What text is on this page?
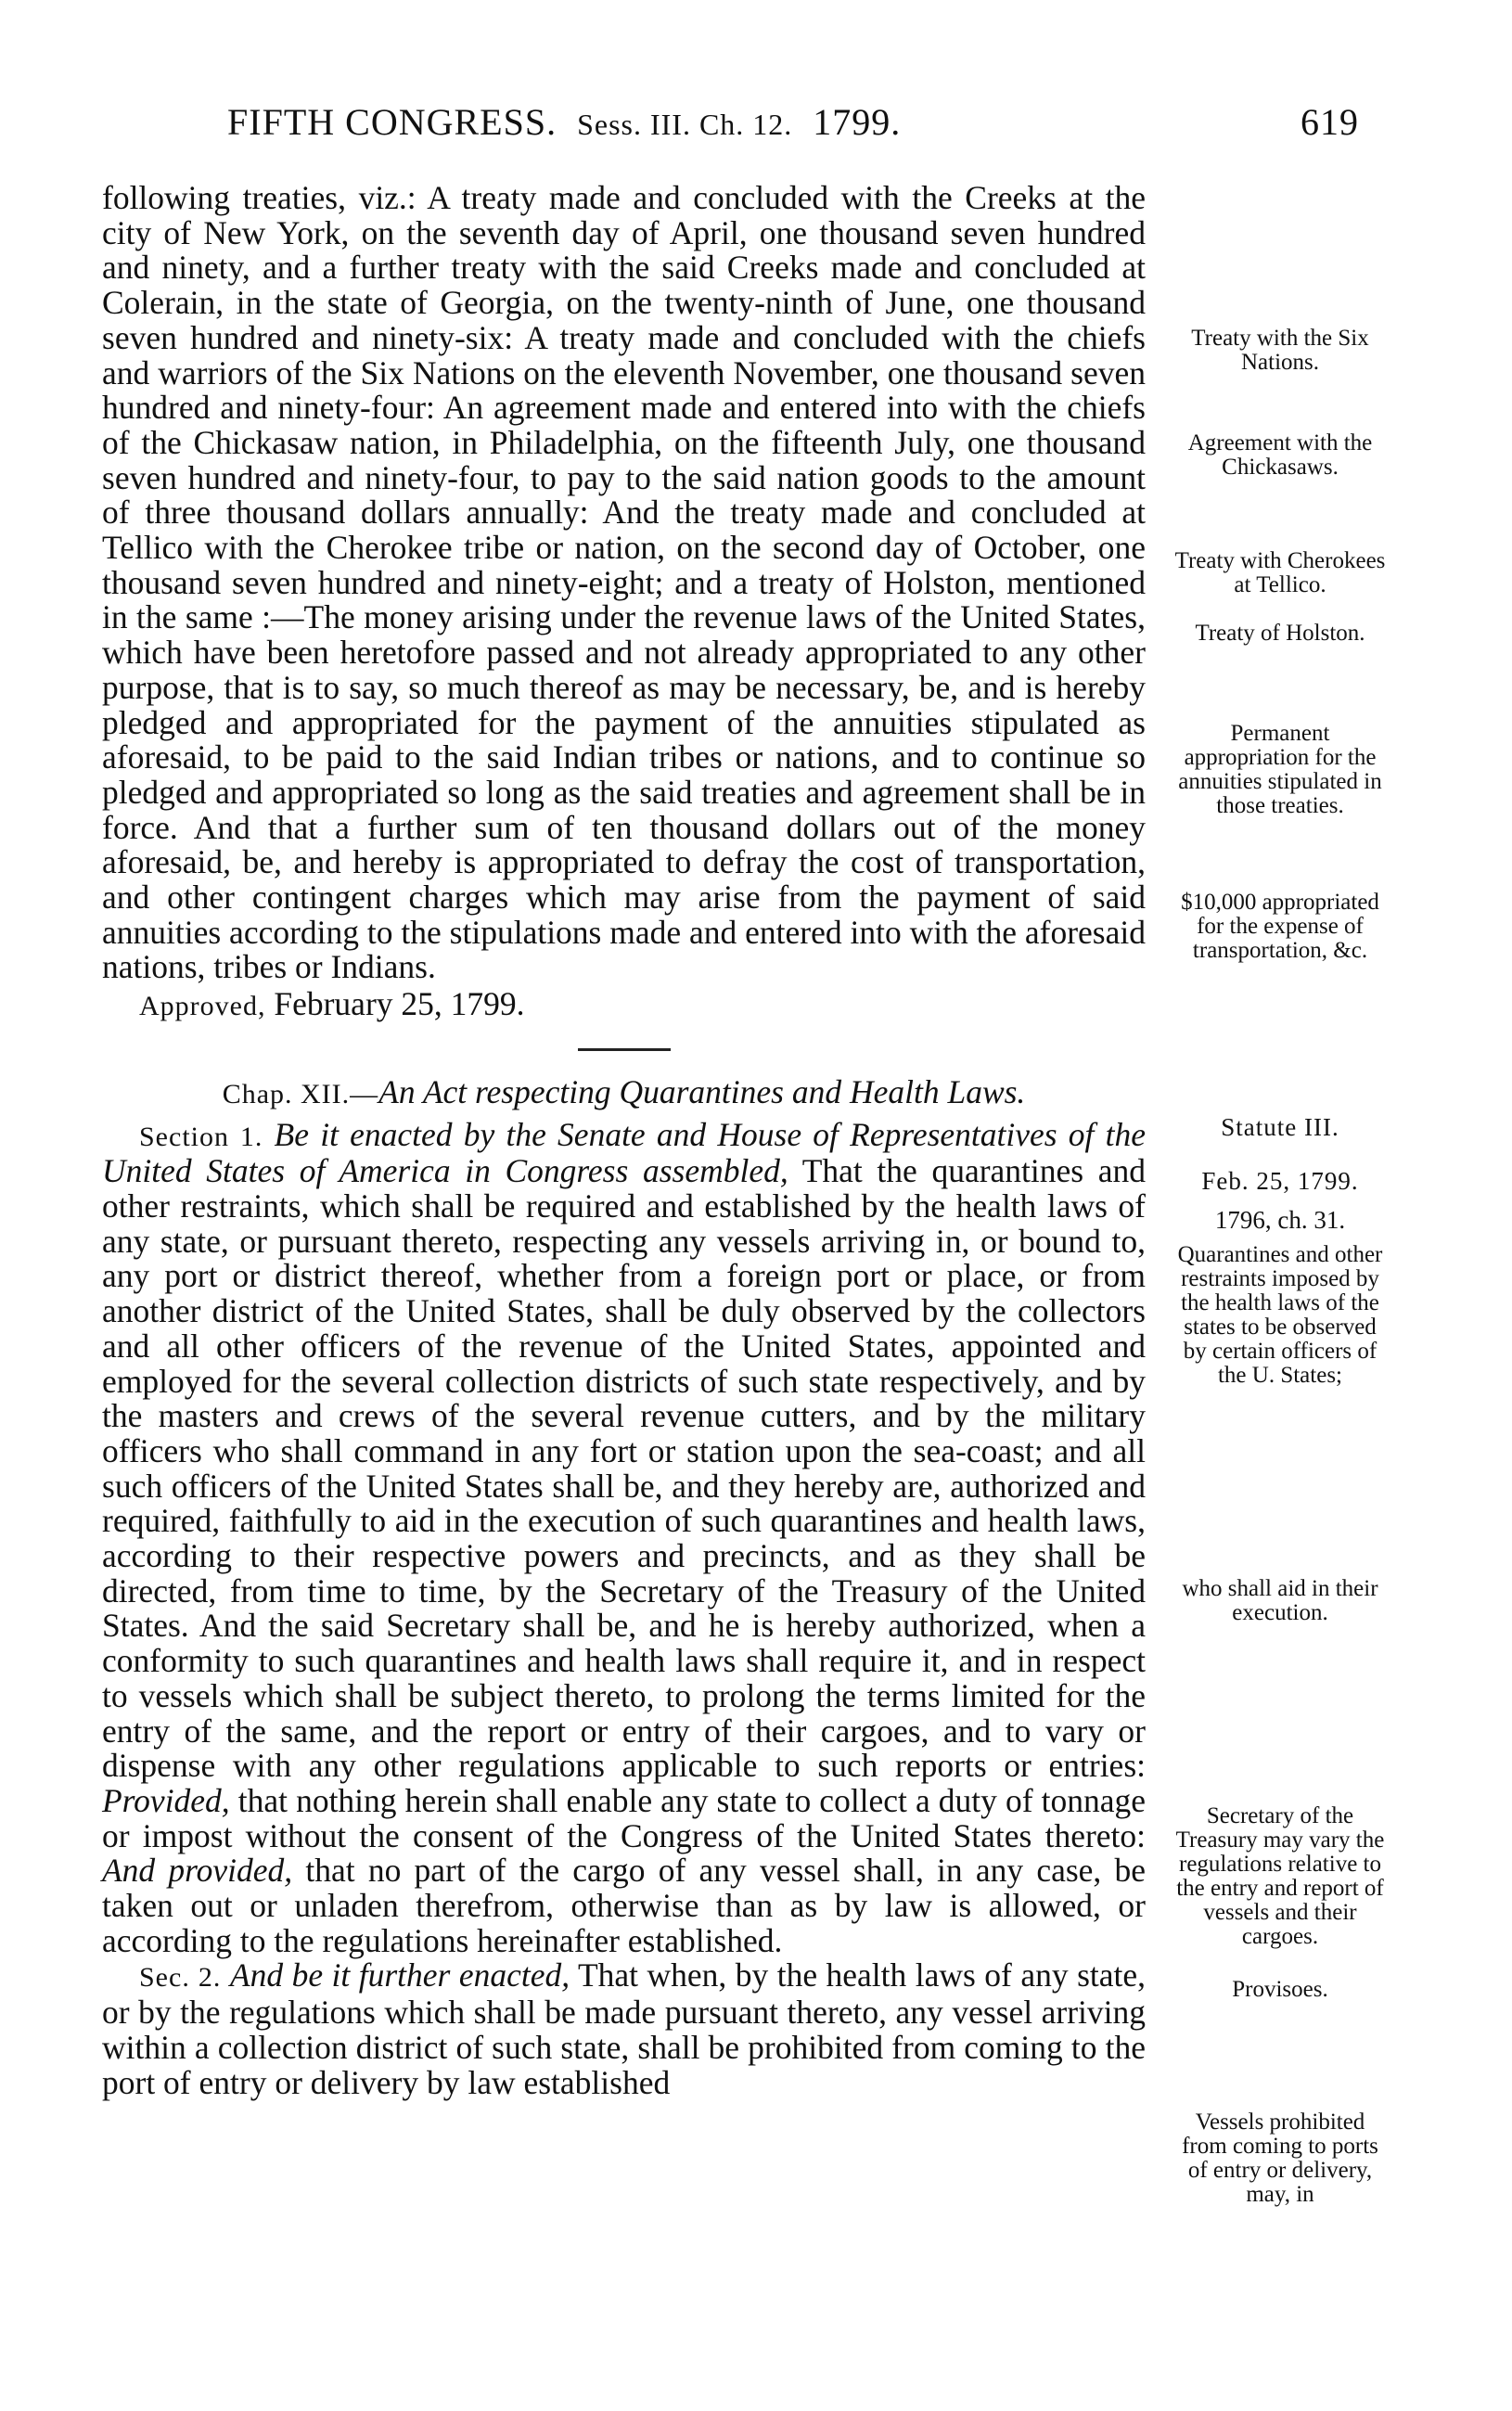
FIFTH CONGRESS. Sess. III. Ch. 12. 1799.	619

following treaties, viz.: A treaty made and concluded with the Creeks at the city of New York, on the seventh day of April, one thousand seven hundred and ninety, and a further treaty with the said Creeks made and concluded at Colerain, in the state of Georgia, on the twenty-ninth of June, one thousand seven hundred and ninety-six: A treaty made and concluded with the chiefs and warriors of the Six Nations on the eleventh November, one thousand seven hundred and ninety-four: An agreement made and entered into with the chiefs of the Chickasaw nation, in Philadelphia, on the fifteenth July, one thousand seven hundred and ninety-four, to pay to the said nation goods to the amount of three thousand dollars annually: And the treaty made and concluded at Tellico with the Cherokee tribe or nation, on the second day of October, one thousand seven hundred and ninety-eight; and a treaty of Holston, mentioned in the same :—The money arising under the revenue laws of the United States, which have been heretofore passed and not already appropriated to any other purpose, that is to say, so much thereof as may be necessary, be, and is hereby pledged and appropriated for the payment of the annuities stipulated as aforesaid, to be paid to the said Indian tribes or nations, and to continue so pledged and appropriated so long as the said treaties and agreement shall be in force. And that a further sum of ten thousand dollars out of the money aforesaid, be, and hereby is appropriated to defray the cost of transportation, and other contingent charges which may arise from the payment of said annuities according to the stipulations made and entered into with the aforesaid nations, tribes or Indians.

Approved, February 25, 1799.

Chap. XII.—An Act respecting Quarantines and Health Laws.

Section 1. Be it enacted by the Senate and House of Representatives of the United States of America in Congress assembled, That the quarantines and other restraints, which shall be required and established by the health laws of any state, or pursuant thereto, respecting any vessels arriving in, or bound to, any port or district thereof, whether from a foreign port or place, or from another district of the United States, shall be duly observed by the collectors and all other officers of the revenue of the United States, appointed and employed for the several collection districts of such state respectively, and by the masters and crews of the several revenue cutters, and by the military officers who shall command in any fort or station upon the sea-coast; and all such officers of the United States shall be, and they hereby are, authorized and required, faithfully to aid in the execution of such quarantines and health laws, according to their respective powers and precincts, and as they shall be directed, from time to time, by the Secretary of the Treasury of the United States. And the said Secretary shall be, and he is hereby authorized, when a conformity to such quarantines and health laws shall require it, and in respect to vessels which shall be subject thereto, to prolong the terms limited for the entry of the same, and the report or entry of their cargoes, and to vary or dispense with any other regulations applicable to such reports or entries: Provided, that nothing herein shall enable any state to collect a duty of tonnage or impost without the consent of the Congress of the United States thereto: And provided, that no part of the cargo of any vessel shall, in any case, be taken out or unladen therefrom, otherwise than as by law is allowed, or according to the regulations hereinafter established.

Sec. 2. And be it further enacted, That when, by the health laws of any state, or by the regulations which shall be made pursuant thereto, any vessel arriving within a collection district of such state, shall be prohibited from coming to the port of entry or delivery by law established

Treaty with the Six Nations.
Agreement with the Chickasaws.
Treaty with Cherokees at Tellico.
Treaty of Holston.
Permanent appropriation for the annuities stipulated in those treaties.
$10,000 appropriated for the expense of transportation, &c.
Statute III.
Feb. 25, 1799.
1796, ch. 31.
Quarantines and other restraints imposed by the health laws of the states to be observed by certain officers of the U. States;
who shall aid in their execution.
Secretary of the Treasury may vary the regulations relative to the entry and report of vessels and their cargoes.
Provisoes.
Vessels prohibited from coming to ports of entry or delivery, may, in
